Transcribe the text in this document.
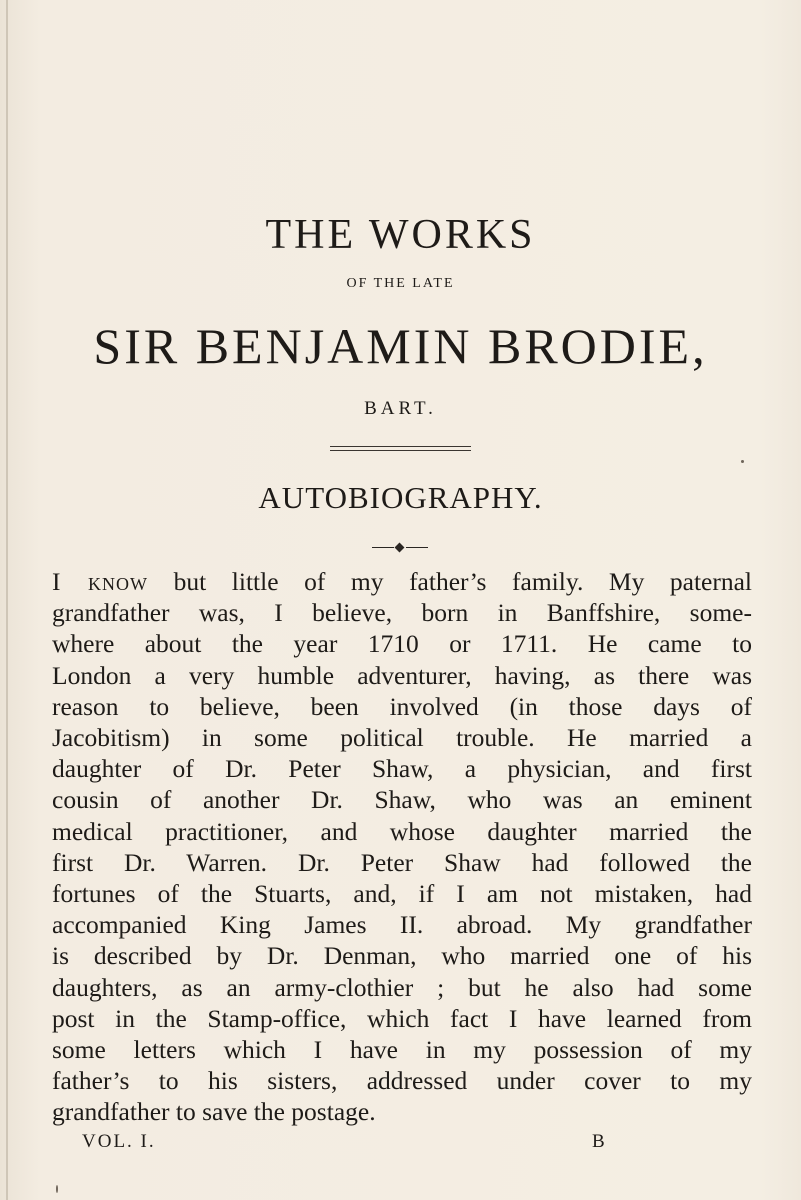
THE WORKS
OF THE LATE
SIR BENJAMIN BRODIE,
BART.
AUTOBIOGRAPHY.
I know but little of my father’s family. My paternal
grandfather was, I believe, born in Banffshire, some-
where about the year 1710 or 1711. He came to
London a very humble adventurer, having, as there was
reason to believe, been involved (in those days of
Jacobitism) in some political trouble. He married a
daughter of Dr. Peter Shaw, a physician, and first
cousin of another Dr. Shaw, who was an eminent
medical practitioner, and whose daughter married the
first Dr. Warren. Dr. Peter Shaw had followed the
fortunes of the Stuarts, and, if I am not mistaken, had
accompanied King James II. abroad. My grandfather
is described by Dr. Denman, who married one of his
daughters, as an army-clothier ; but he also had some
post in the Stamp-office, which fact I have learned from
some letters which I have in my possession of my
father’s to his sisters, addressed under cover to my
grandfather to save the postage.
VOL. I.	B
